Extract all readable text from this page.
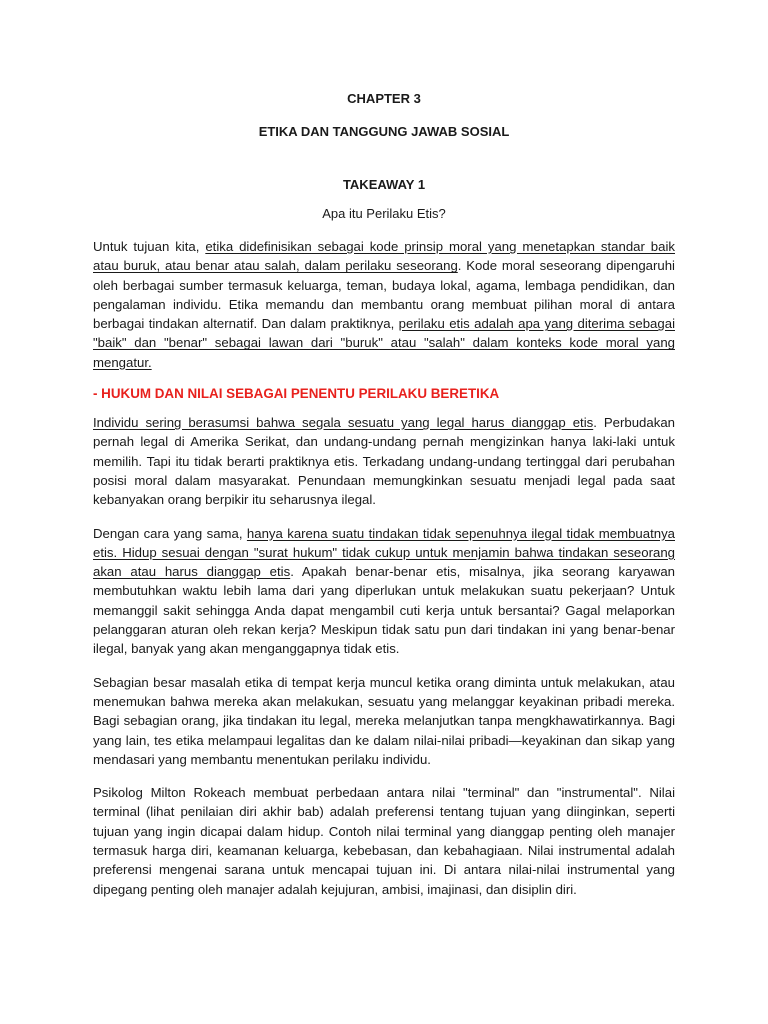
CHAPTER 3
ETIKA DAN TANGGUNG JAWAB SOSIAL
TAKEAWAY 1
Apa itu Perilaku Etis?

Untuk tujuan kita, etika didefinisikan sebagai kode prinsip moral yang menetapkan standar baik atau buruk, atau benar atau salah, dalam perilaku seseorang. Kode moral seseorang dipengaruhi oleh berbagai sumber termasuk keluarga, teman, budaya lokal, agama, lembaga pendidikan, dan pengalaman individu. Etika memandu dan membantu orang membuat pilihan moral di antara berbagai tindakan alternatif. Dan dalam praktiknya, perilaku etis adalah apa yang diterima sebagai "baik" dan "benar" sebagai lawan dari "buruk" atau "salah" dalam konteks kode moral yang mengatur.

- HUKUM DAN NILAI SEBAGAI PENENTU PERILAKU BERETIKA

Individu sering berasumsi bahwa segala sesuatu yang legal harus dianggap etis. Perbudakan pernah legal di Amerika Serikat, dan undang-undang pernah mengizinkan hanya laki-laki untuk memilih. Tapi itu tidak berarti praktiknya etis. Terkadang undang-undang tertinggal dari perubahan posisi moral dalam masyarakat. Penundaan memungkinkan sesuatu menjadi legal pada saat kebanyakan orang berpikir itu seharusnya ilegal.

Dengan cara yang sama, hanya karena suatu tindakan tidak sepenuhnya ilegal tidak membuatnya etis. Hidup sesuai dengan "surat hukum" tidak cukup untuk menjamin bahwa tindakan seseorang akan atau harus dianggap etis. Apakah benar-benar etis, misalnya, jika seorang karyawan membutuhkan waktu lebih lama dari yang diperlukan untuk melakukan suatu pekerjaan? Untuk memanggil sakit sehingga Anda dapat mengambil cuti kerja untuk bersantai? Gagal melaporkan pelanggaran aturan oleh rekan kerja? Meskipun tidak satu pun dari tindakan ini yang benar-benar ilegal, banyak yang akan menganggapnya tidak etis.

Sebagian besar masalah etika di tempat kerja muncul ketika orang diminta untuk melakukan, atau menemukan bahwa mereka akan melakukan, sesuatu yang melanggar keyakinan pribadi mereka. Bagi sebagian orang, jika tindakan itu legal, mereka melanjutkan tanpa mengkhawatirkannya. Bagi yang lain, tes etika melampaui legalitas dan ke dalam nilai-nilai pribadi—keyakinan dan sikap yang mendasari yang membantu menentukan perilaku individu.

Psikolog Milton Rokeach membuat perbedaan antara nilai "terminal" dan "instrumental". Nilai terminal (lihat penilaian diri akhir bab) adalah preferensi tentang tujuan yang diinginkan, seperti tujuan yang ingin dicapai dalam hidup. Contoh nilai terminal yang dianggap penting oleh manajer termasuk harga diri, keamanan keluarga, kebebasan, dan kebahagiaan. Nilai instrumental adalah preferensi mengenai sarana untuk mencapai tujuan ini. Di antara nilai-nilai instrumental yang dipegang penting oleh manajer adalah kejujuran, ambisi, imajinasi, dan disiplin diri.
